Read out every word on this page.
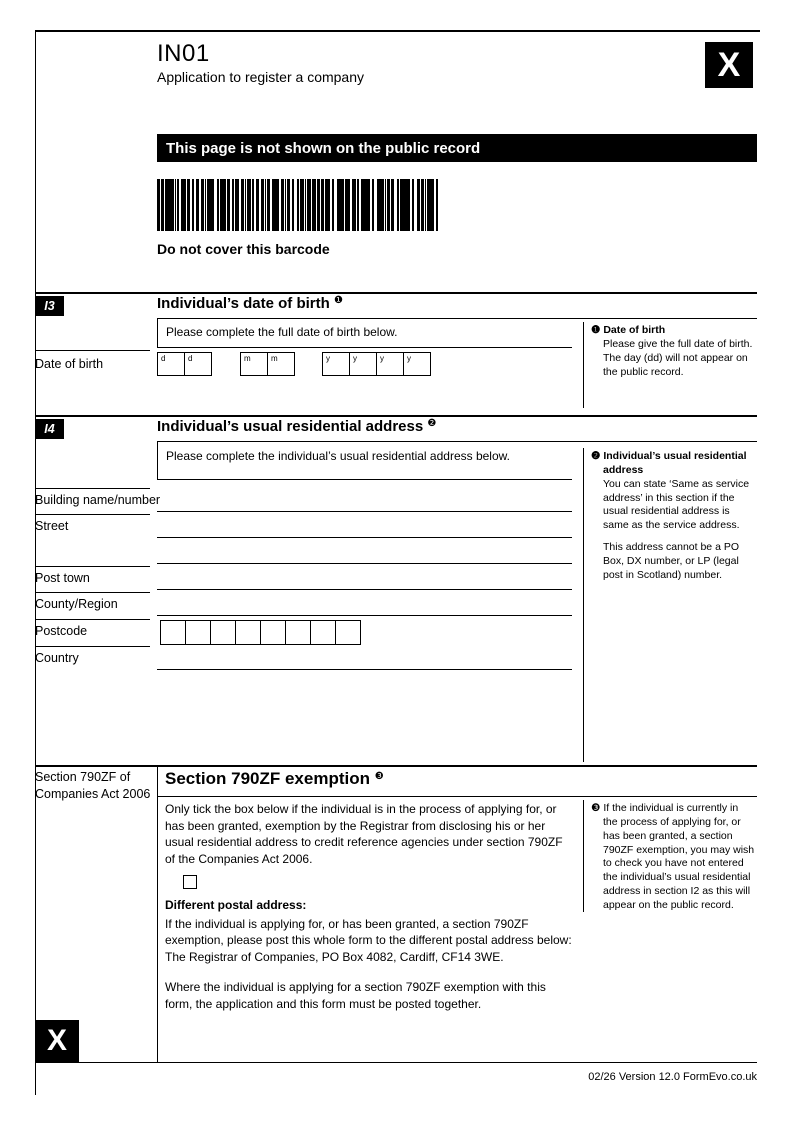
IN01
Application to register a company	X
This page is not shown on the public record
Do not cover this barcode
I3	Individual’s date of birth $^❶$
Please complete the full date of birth below.
Date of birth	d	d	m	m	y	y	y	y
❶ Date of birth
Please give the full date of birth. The day (dd) will not appear on the public record.
I4	Individual’s usual residential address $^❷$
Please complete the individual’s usual residential address below.
Building name/number
Street
Post town
County/Region
Postcode
Country
❷ Individual’s usual residential address

You can state ‘Same as service address’ in this section if the usual residential address is same as the service address.

This address cannot be a PO Box, DX number, or LP (legal post in Scotland) number.

Section 790ZF of Companies Act 2006
Section 790ZF exemption $^❸$

Only tick the box below if the individual is in the process of applying for, or has been granted, exemption by the Registrar from disclosing his or her usual residential address to credit reference agencies under section 790ZF of the Companies Act 2006.

Different postal address:

If the individual is applying for, or has been granted, a section 790ZF exemption, please post this whole form to the different postal address below:

The Registrar of Companies, PO Box 4082, Cardiff, CF14 3WE.

Where the individual is applying for a section 790ZF exemption with this form, the application and this form must be posted together.

❸ If the individual is currently in the process of applying for, or has been granted, a section 790ZF exemption, you may wish to check you have not entered the individual’s usual residential address in section I2 as this will appear on the public record.
X
02/26 Version 12.0 FormEvo.co.uk
